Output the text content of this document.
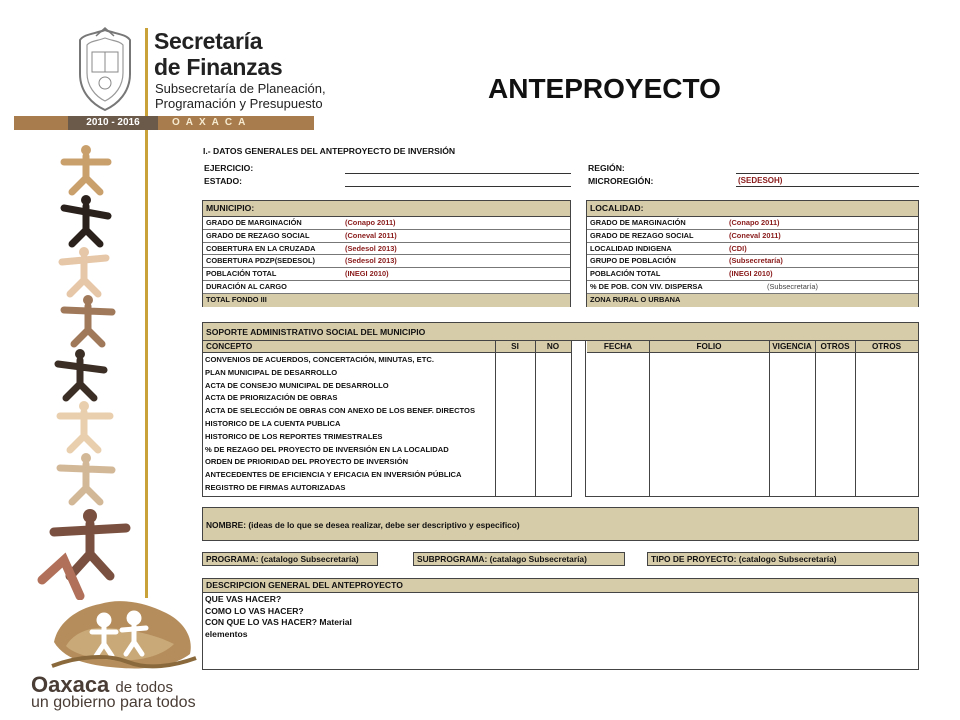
Secretaría
de Finanzas
Subsecretaría de Planeación,
Programación y Presupuesto
2010 - 2016	OAXACA
ANTEPROYECTO
Oaxaca de todos
un gobierno para todos
I.- DATOS GENERALES DEL ANTEPROYECTO DE INVERSIÓN
EJERCICIO:
ESTADO:
REGIÓN:
MICROREGIÓN:	(SEDESOH)
MUNICIPIO:
GRADO DE MARGINACIÓN	(Conapo 2011)
GRADO DE REZAGO SOCIAL	(Coneval 2011)
COBERTURA EN LA CRUZADA	(Sedesol 2013)
COBERTURA PDZP(SEDESOL)	(Sedesol 2013)
POBLACIÓN TOTAL	(INEGI 2010)
DURACIÓN AL CARGO
TOTAL FONDO III
LOCALIDAD:
GRADO DE MARGINACIÓN	(Conapo 2011)
GRADO DE REZAGO SOCIAL	(Coneval 2011)
LOCALIDAD INDIGENA	(CDI)
GRUPO DE POBLACIÓN	(Subsecretaría)
POBLACIÓN TOTAL	(INEGI 2010)
% DE POB. CON VIV. DISPERSA	(Subsecretaría)
ZONA RURAL O URBANA
SOPORTE ADMINISTRATIVO SOCIAL DEL MUNICIPIO
CONCEPTO	SI	NO	FECHA	FOLIO	VIGENCIA	OTROS	OTROS
CONVENIOS DE ACUERDOS, CONCERTACIÓN, MINUTAS, ETC.
PLAN MUNICIPAL DE DESARROLLO
ACTA DE CONSEJO MUNICIPAL DE DESARROLLO
ACTA DE PRIORIZACIÓN DE OBRAS
ACTA DE SELECCIÓN DE OBRAS CON ANEXO DE LOS BENEF. DIRECTOS
HISTORICO DE LA CUENTA PUBLICA
HISTORICO DE LOS REPORTES TRIMESTRALES
% DE REZAGO DEL PROYECTO DE INVERSIÓN EN LA LOCALIDAD
ORDEN DE PRIORIDAD DEL PROYECTO DE INVERSIÓN
ANTECEDENTES DE EFICIENCIA Y EFICACIA EN INVERSIÓN PÚBLICA
REGISTRO DE FIRMAS AUTORIZADAS
NOMBRE: (ideas de lo que se desea realizar, debe ser descriptivo y especifico)
PROGRAMA: (catalogo Subsecretaría)	SUBPROGRAMA: (catalago Subsecretaría)	TIPO DE PROYECTO: (catalogo Subsecretaría)
DESCRIPCION GENERAL DEL ANTEPROYECTO
QUE VAS HACER?
COMO LO VAS HACER?
CON QUE LO VAS HACER? Material
elementos
